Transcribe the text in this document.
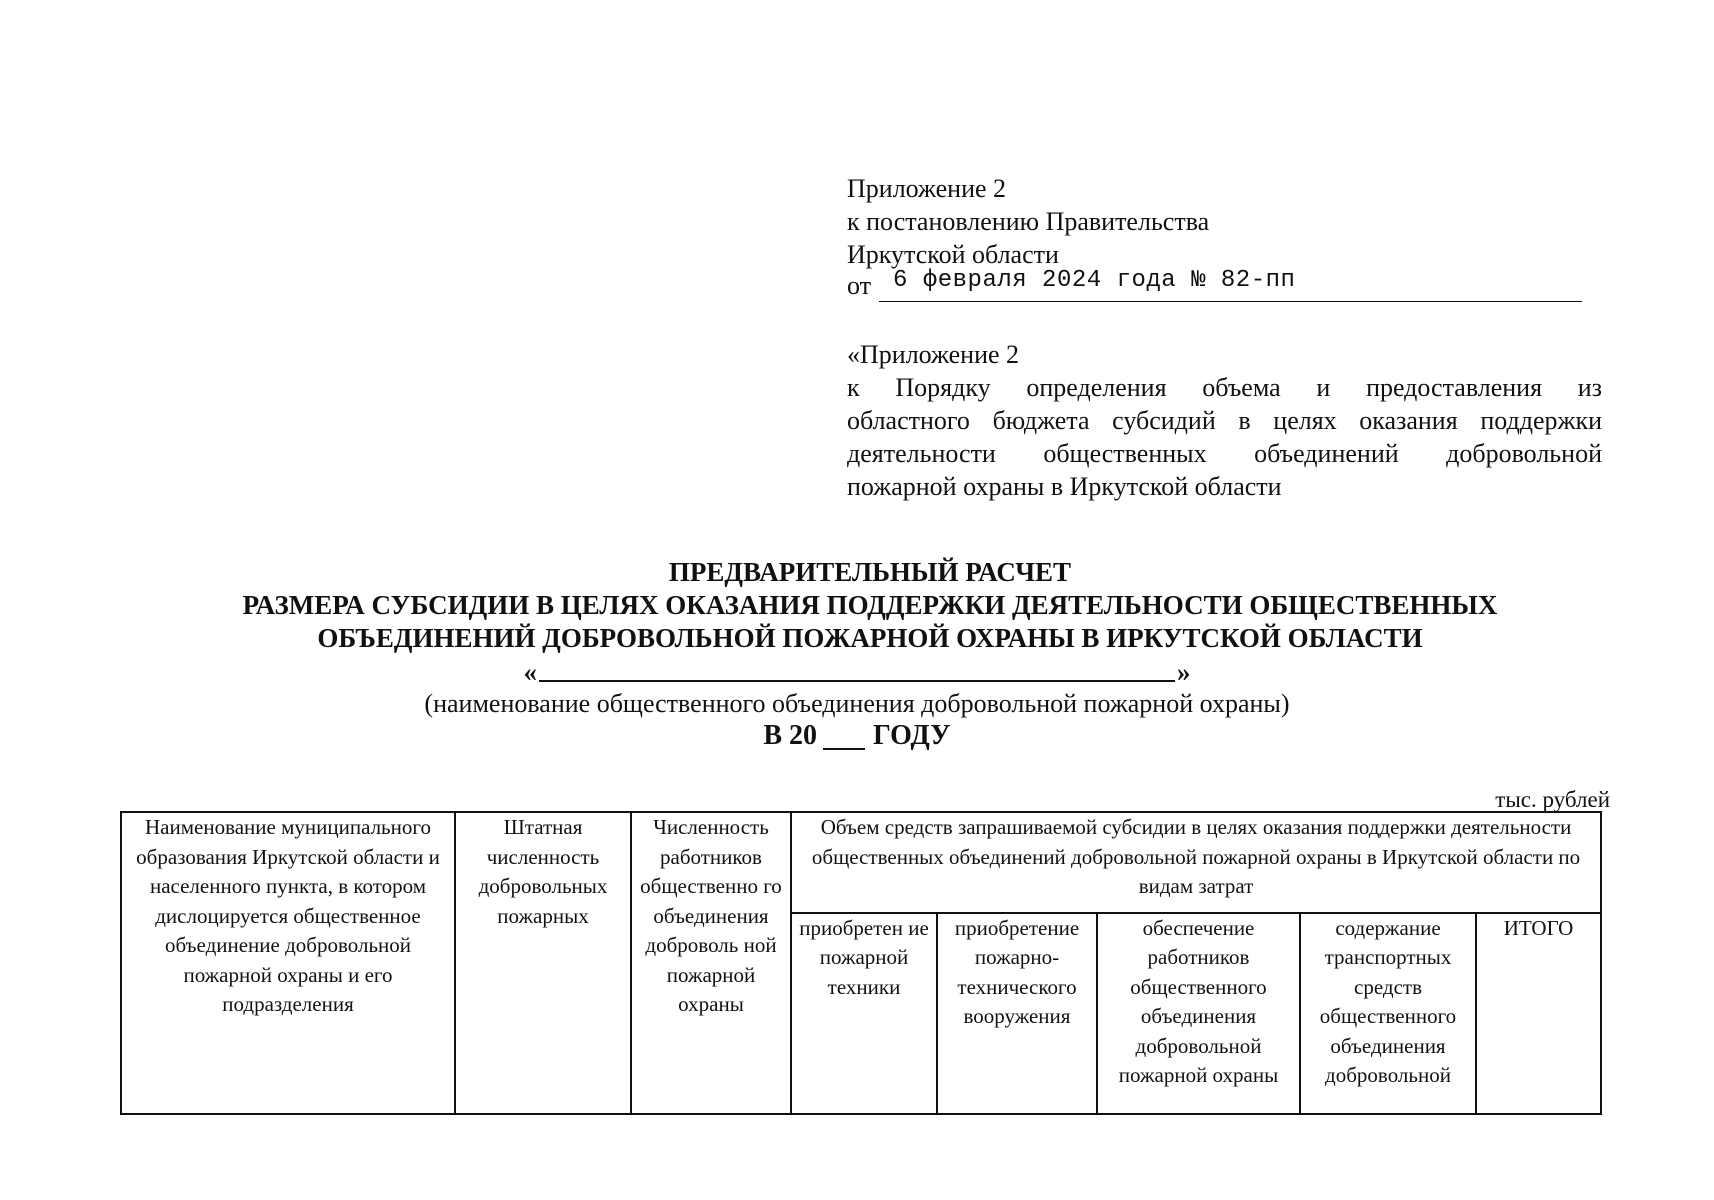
Приложение 2
к постановлению Правительства
Иркутской области
от 6 февраля 2024 года № 82-пп
«Приложение 2
к Порядку определения объема и предоставления из
областного бюджета субсидий в целях оказания поддержки
деятельности общественных объединений добровольной
пожарной охраны в Иркутской области
ПРЕДВАРИТЕЛЬНЫЙ РАСЧЕТ
РАЗМЕРА СУБСИДИИ В ЦЕЛЯХ ОКАЗАНИЯ ПОДДЕРЖКИ ДЕЯТЕЛЬНОСТИ ОБЩЕСТВЕННЫХ
ОБЪЕДИНЕНИЙ ДОБРОВОЛЬНОЙ ПОЖАРНОЙ ОХРАНЫ В ИРКУТСКОЙ ОБЛАСТИ
«	»
(наименование общественного объединения добровольной пожарной охраны)
В 20 ГОДУ
тыс. рублей
Наименование муниципального образования Иркутской области и населенного пункта, в котором дислоцируется общественное объединение добровольной пожарной охраны и его подразделения	Штатная численность добровольных пожарных	Численность работников общественно го объединения доброволь ной пожарной охраны	Объем средств запрашиваемой субсидии в целях оказания поддержки деятельности общественных объединений добровольной пожарной охраны в Иркутской области по видам затрат				

			приобретен ие пожарной техники	приобретение пожарно-технического вооружения	обеспечение работников общественного объединения добровольной пожарной охраны	содержание транспортных средств общественного объединения добровольной	ИТОГО
